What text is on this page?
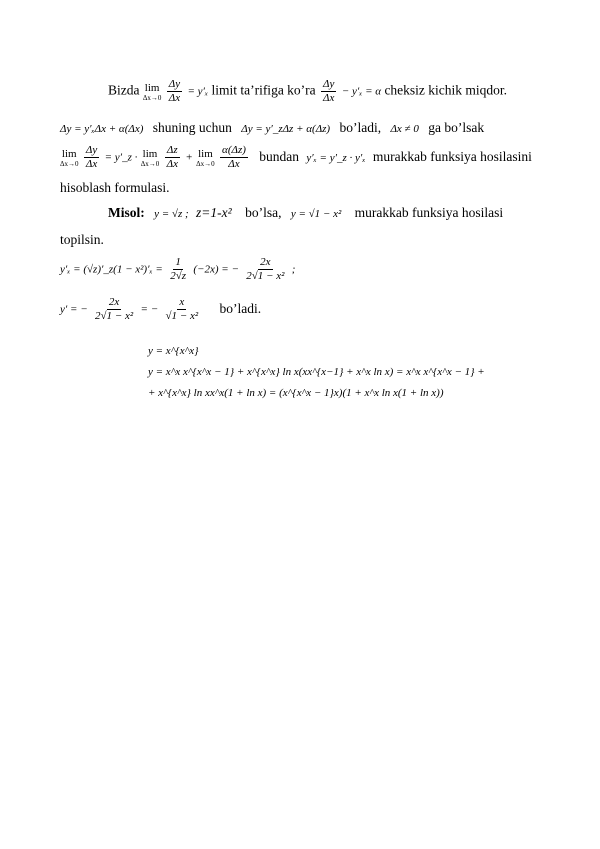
Bizda lim
Δx→0
$\frac{\Delta y}{\Delta x} = y'_x$ limit ta’rifiga ko’ra $\frac{\Delta y}{\Delta x} - y'_x = \alpha$ cheksiz kichik miqdor.
Δy = y′ₓΔx + α(Δx) shuning uchun Δy = y′_zΔz + α(Δz) bo’ladi, Δx ≠ 0 ga bo’lsak
lim
Δx→0
$\frac{\Delta y}{\Delta x}$ = y′_z · lim
Δx→0
$\frac{\Delta z}{\Delta x} + \lim$
Δx→0
$\frac{\alpha(\Delta z)}{\Delta x}$ bundan y′ₓ = y′_z · y′ₓ murakkab funksiya hosilasini
hisoblash formulasi.
Misol: y = √z ; z=1-x² bo’lsa, y = √1 − x² murakkab funksiya hosilasi
topilsin.
y′ₓ = (√z)′_z(1 − $x^2)'_x = \frac{1}{2√z} (-2x)$ = − $\frac{2x}{\text{2√1 − x²}}$ ;
y′ = − $\frac{2x}{\text{2√1 − x²}}$ = − $\frac{x}{\text{√1 − x²}}$ bo’ladi.
y = x^{x^x}
y = x^x x^{x^x − 1} + x^{x^x} ln x(xx^{x−1} + x^x ln x) = x^x x^{x^x − 1} +
+ x^{x^x} ln xx^x(1 + ln x) = (x^{x^x − 1}x)(1 + x^x ln x(1 + ln x))
